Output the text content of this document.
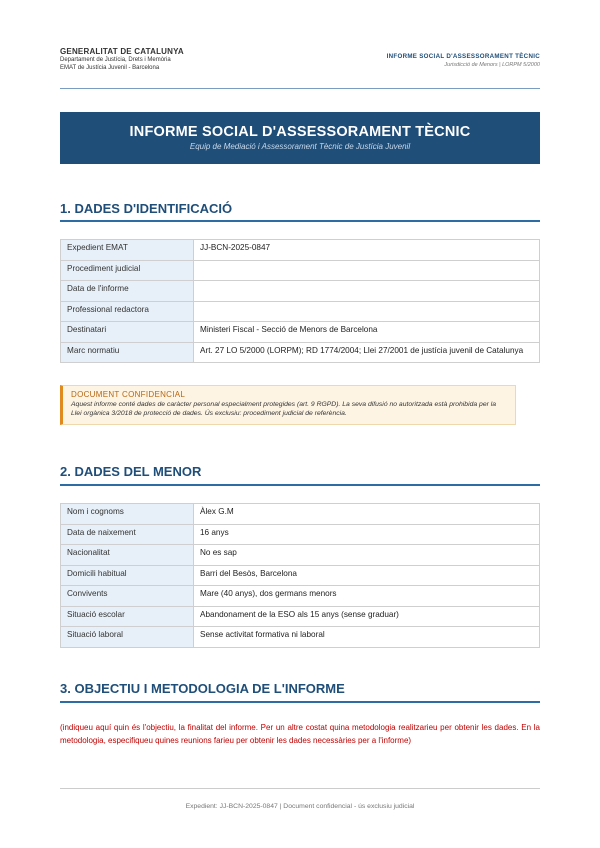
GENERALITAT DE CATALUNYA
Departament de Justícia, Drets i Memòria
EMAT de Justícia Juvenil - Barcelona
INFORME SOCIAL D'ASSESSORAMENT TÈCNIC
Jurisdicció de Menors | LORPM 5/2000
INFORME SOCIAL D'ASSESSORAMENT TÈCNIC
Equip de Mediació i Assessorament Tècnic de Justícia Juvenil
1. DADES D'IDENTIFICACIÓ
Expedient EMAT	JJ-BCN-2025-0847
Procediment judicial	
Data de l'informe	
Professional redactora	
Destinatari	Ministeri Fiscal - Secció de Menors de Barcelona
Marc normatiu	Art. 27 LO 5/2000 (LORPM); RD 1774/2004; Llei 27/2001 de justícia juvenil de Catalunya
DOCUMENT CONFIDENCIAL
Aquest informe conté dades de caràcter personal especialment protegides (art. 9 RGPD). La seva difusió no autoritzada està prohibida per la Llei orgànica 3/2018 de protecció de dades. Ús exclusiu: procediment judicial de referència.
2. DADES DEL MENOR
Nom i cognoms	Àlex G.M
Data de naixement	16 anys
Nacionalitat	No es sap
Domicili habitual	Barri del Besòs, Barcelona
Convivents	Mare (40 anys), dos germans menors
Situació escolar	Abandonament de la ESO als 15 anys (sense graduar)
Situació laboral	Sense activitat formativa ni laboral
3. OBJECTIU I METODOLOGIA DE L'INFORME
(indiqueu aquí quin és l'objectiu, la finalitat del informe. Per un altre costat quina metodologia realitzarieu per obtenir les dades. En la metodologia, especifiqueu quines reunions farieu per obtenir les dades necessàries per a l'informe)
Expedient: JJ-BCN-2025-0847 | Document confidencial - ús exclusiu judicial
